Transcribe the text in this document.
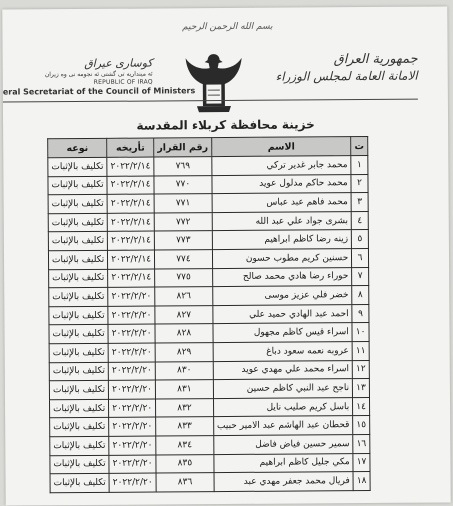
بسم الله الرحمن الرحيم
كوسارى عيراق
ئه مینداريه تى گشتى ئه نجومه نى وه زيران
REPUBLIC OF IRAQ
eral Secretariat of the Council of Ministers
جمهورية العراق
الامانة العامة لمجلس الوزراء
خزينة محافظة كربلاء المقدسة
ت	الاسم	رقم القرار	تأريخه	نوعه
١	محمد جابر غدير تركي	٧٦٩	٢٠٢٢/٢/١٤	تكليف بالإثبات
٢	محمد حاكم مدلول عويد	٧٧٠	٢٠٢٢/٢/١٤	تكليف بالإثبات
٣	محمد فاهم عبد عباس	٧٧١	٢٠٢٢/٢/١٤	تكليف بالإثبات
٤	بشرى جواد علي عبد الله	٧٧٢	٢٠٢٢/٢/١٤	تكليف بالإثبات
٥	زينه رضا كاظم ابراهيم	٧٧٣	٢٠٢٢/٢/١٤	تكليف بالإثبات
٦	حسنين كريم مطوب حسون	٧٧٤	٢٠٢٢/٢/١٤	تكليف بالإثبات
٧	حوراء رضا هادي محمد صالح	٧٧٥	٢٠٢٢/٢/١٤	تكليف بالإثبات
٨	خضر فلي عزيز موسى	٨٢٦	٢٠٢٢/٢/٢٠	تكليف بالإثبات
٩	احمد عبد الهادي حميد علي	٨٢٧	٢٠٢٢/٢/٢٠	تكليف بالإثبات
١٠	اسراء قيس كاظم مجهول	٨٢٨	٢٠٢٢/٢/٢٠	تكليف بالإثبات
١١	عروبه نعمه سعود دباغ	٨٢٩	٢٠٢٢/٢/٢٠	تكليف بالإثبات
١٢	اسراء محمد علي مهدي عويد	٨٣٠	٢٠٢٢/٢/٢٠	تكليف بالإثبات
١٣	ناجح عبد النبي كاظم حسين	٨٣١	٢٠٢٢/٢/٢٠	تكليف بالإثبات
١٤	باسل كريم صليب نايل	٨٣٢	٢٠٢٢/٢/٢٠	تكليف بالإثبات
١٥	قحطان عبد الهاشم عبد الامير حبيب	٨٣٣	٢٠٢٢/٢/٢٠	تكليف بالإثبات
١٦	سمير حسين فياض فاضل	٨٣٤	٢٠٢٢/٢/٢٠	تكليف بالإثبات
١٧	مكي جليل كاظم ابراهيم	٨٣٥	٢٠٢٢/٢/٢٠	تكليف بالإثبات
١٨	فريال محمد جعفر مهدي عبد	٨٣٦	٢٠٢٢/٢/٢٠	تكليف بالإثبات
